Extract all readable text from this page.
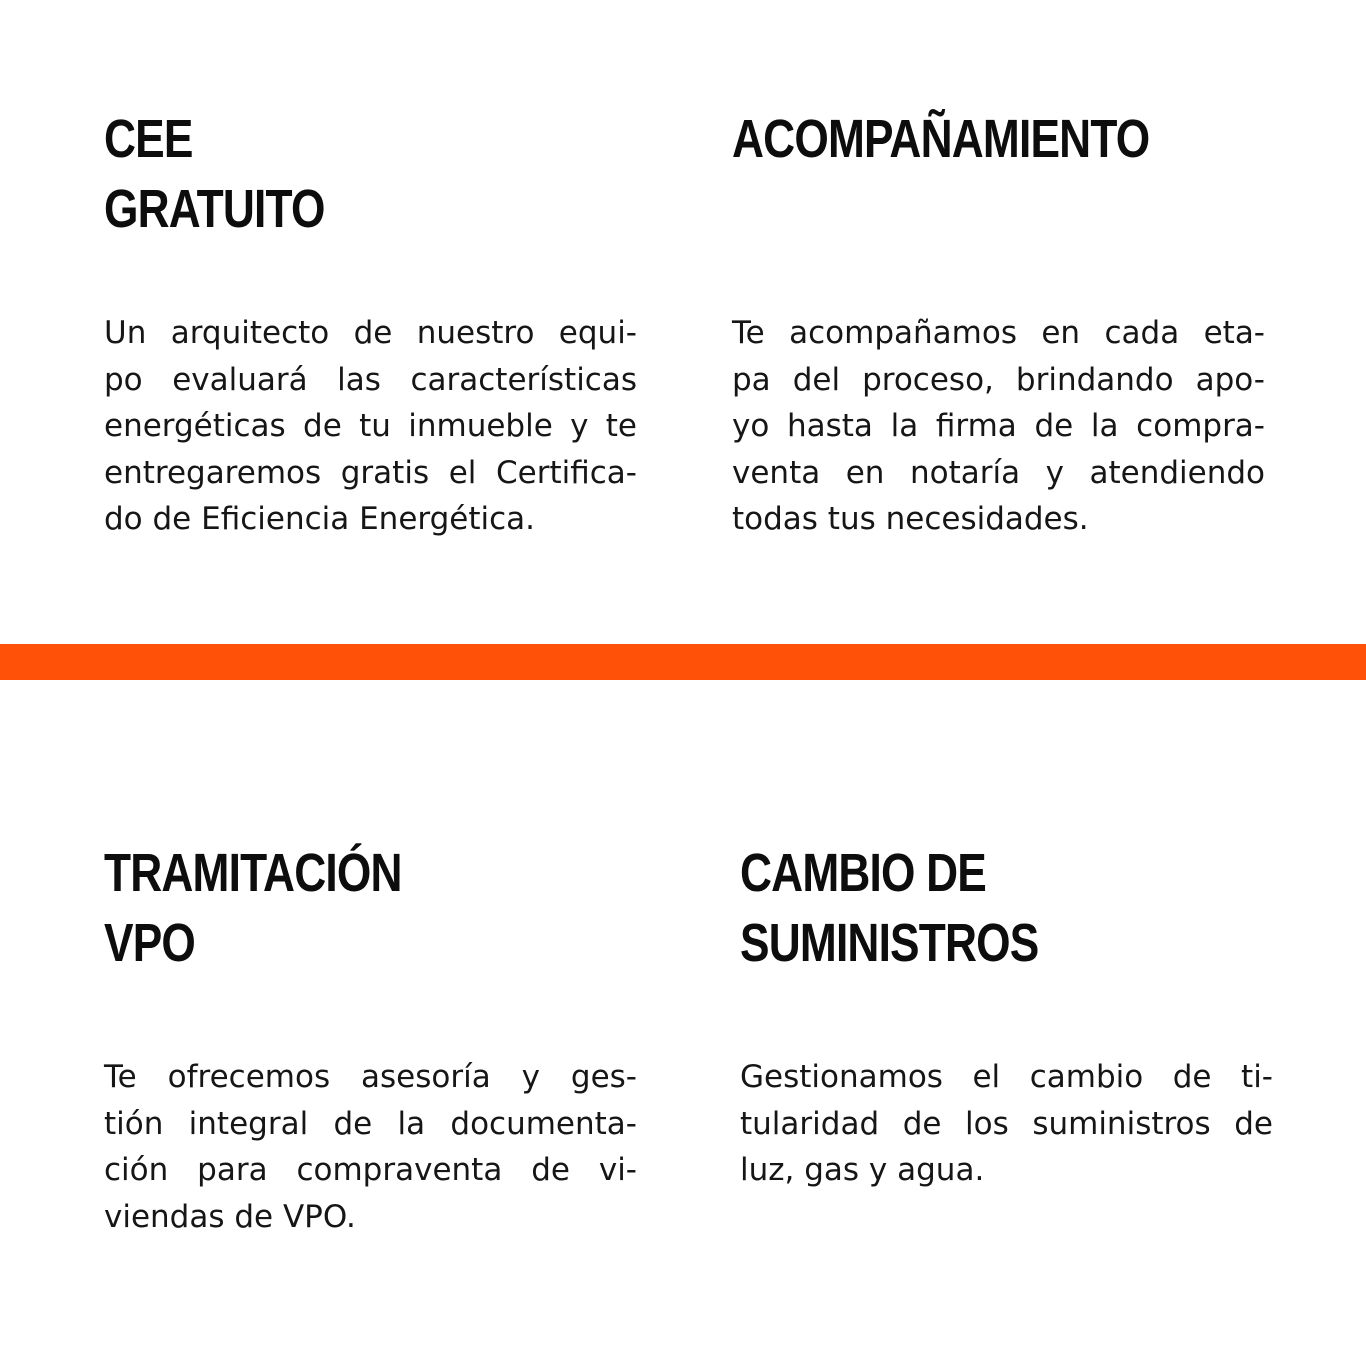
CEE
GRATUITO

Un arquitecto de nuestro equi-
po evaluará las características
energéticas de tu inmueble y te
entregaremos gratis el Certifica-
do de Eficiencia Energética.

ACOMPAÑAMIENTO

Te acompañamos en cada eta-
pa del proceso, brindando apo-
yo hasta la firma de la compra-
venta en notaría y atendiendo
todas tus necesidades.

TRAMITACIÓN
VPO

Te ofrecemos asesoría y ges-
tión integral de la documenta-
ción para compraventa de vi-
viendas de VPO.

CAMBIO DE
SUMINISTROS

Gestionamos el cambio de ti-
tularidad de los suministros de
luz, gas y agua.
